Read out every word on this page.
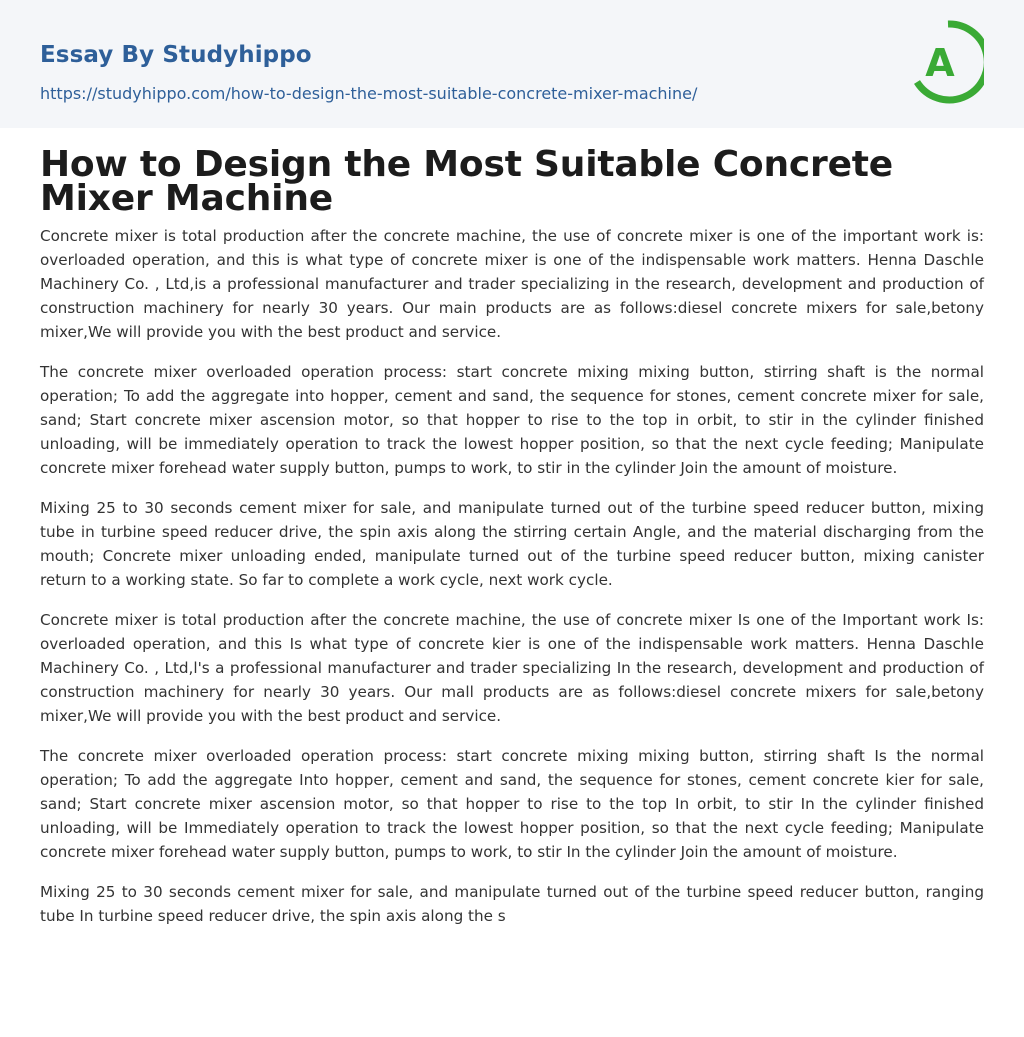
Essay By Studyhippo
https://studyhippo.com/how-to-design-the-most-suitable-concrete-mixer-machine/
A
How to Design the Most Suitable Concrete Mixer Machine

Concrete mixer is total production after the concrete machine, the use of concrete mixer is one of the important work is: overloaded operation, and this is what type of concrete mixer is one of the indispensable work matters. Henna Daschle Machinery Co. , Ltd,is a professional manufacturer and trader specializing in the research, development and production of construction machinery for nearly 30 years. Our main products are as follows:diesel concrete mixers for sale,betony mixer,We will provide you with the best product and service.

The concrete mixer overloaded operation process: start concrete mixing mixing button, stirring shaft is the normal operation; To add the aggregate into hopper, cement and sand, the sequence for stones, cement concrete mixer for sale, sand; Start concrete mixer ascension motor, so that hopper to rise to the top in orbit, to stir in the cylinder finished unloading, will be immediately operation to track the lowest hopper position, so that the next cycle feeding; Manipulate concrete mixer forehead water supply button, pumps to work, to stir in the cylinder Join the amount of moisture.

Mixing 25 to 30 seconds cement mixer for sale, and manipulate turned out of the turbine speed reducer button, mixing tube in turbine speed reducer drive, the spin axis along the stirring certain Angle, and the material discharging from the mouth; Concrete mixer unloading ended, manipulate turned out of the turbine speed reducer button, mixing canister return to a working state. So far to complete a work cycle, next work cycle.

Concrete mixer is total production after the concrete machine, the use of concrete mixer Is one of the Important work Is: overloaded operation, and this Is what type of concrete kier is one of the indispensable work matters. Henna Daschle Machinery Co. , Ltd,l's a professional manufacturer and trader specializing In the research, development and production of construction machinery for nearly 30 years. Our mall products are as follows:diesel concrete mixers for sale,betony mixer,We will provide you with the best product and service.

The concrete mixer overloaded operation process: start concrete mixing mixing button, stirring shaft Is the normal operation; To add the aggregate Into hopper, cement and sand, the sequence for stones, cement concrete kier for sale, sand; Start concrete mixer ascension motor, so that hopper to rise to the top In orbit, to stir In the cylinder finished unloading, will be Immediately operation to track the lowest hopper position, so that the next cycle feeding; Manipulate concrete mixer forehead water supply button, pumps to work, to stir In the cylinder Join the amount of moisture.

Mixing 25 to 30 seconds cement mixer for sale, and manipulate turned out of the turbine speed reducer button, ranging tube In turbine speed reducer drive, the spin axis along the s
